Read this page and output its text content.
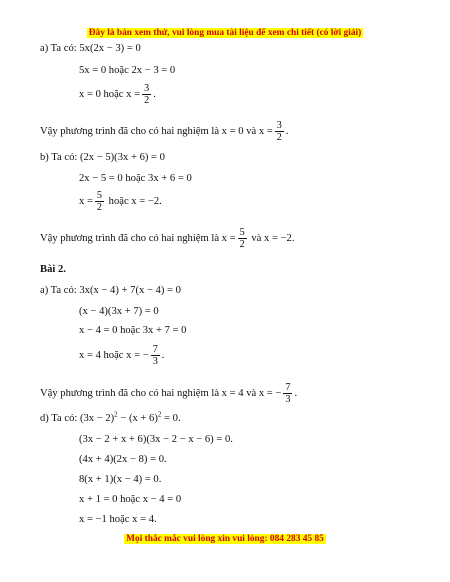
Đây là bản xem thử, vui lòng mua tài liệu để xem chi tiết (có lời giải)
a) Ta có: 5x(2x − 3) = 0
5x = 0 hoặc 2x − 3 = 0
x = 0 hoặc $x = \frac{3}{2}$ .
Vậy phương trình đã cho có hai nghiệm là x = 0 và $x = \frac{3}{2}$ .
b) Ta có: (2x − 5)(3x + 6) = 0
2x − 5 = 0 hoặc 3x + 6 = 0
$x = \frac{5}{2}$ hoặc x = −2.
Vậy phương trình đã cho có hai nghiệm là $x = \frac{5}{2}$ và x = −2.
Bài 2.
a) Ta có: 3x(x − 4) + 7(x − 4) = 0
(x − 4)(3x + 7) = 0
x − 4 = 0 hoặc 3x + 7 = 0
x = 4 hoặc x = − $\frac{7}{3}$ .
Vậy phương trình đã cho có hai nghiệm là x = 4 và x = − $\frac{7}{3}$ .
d) Ta có: $(3x - 2)^2 - (x + 6)^2 = 0$.
(3x − 2 + x + 6)(3x − 2 − x − 6) = 0.
(4x + 4)(2x − 8) = 0.
8(x + 1)(x − 4) = 0.
x + 1 = 0 hoặc x − 4 = 0
x = −1 hoặc x = 4.
Mọi thắc mắc vui lòng xin vui lòng: 084 283 45 85
